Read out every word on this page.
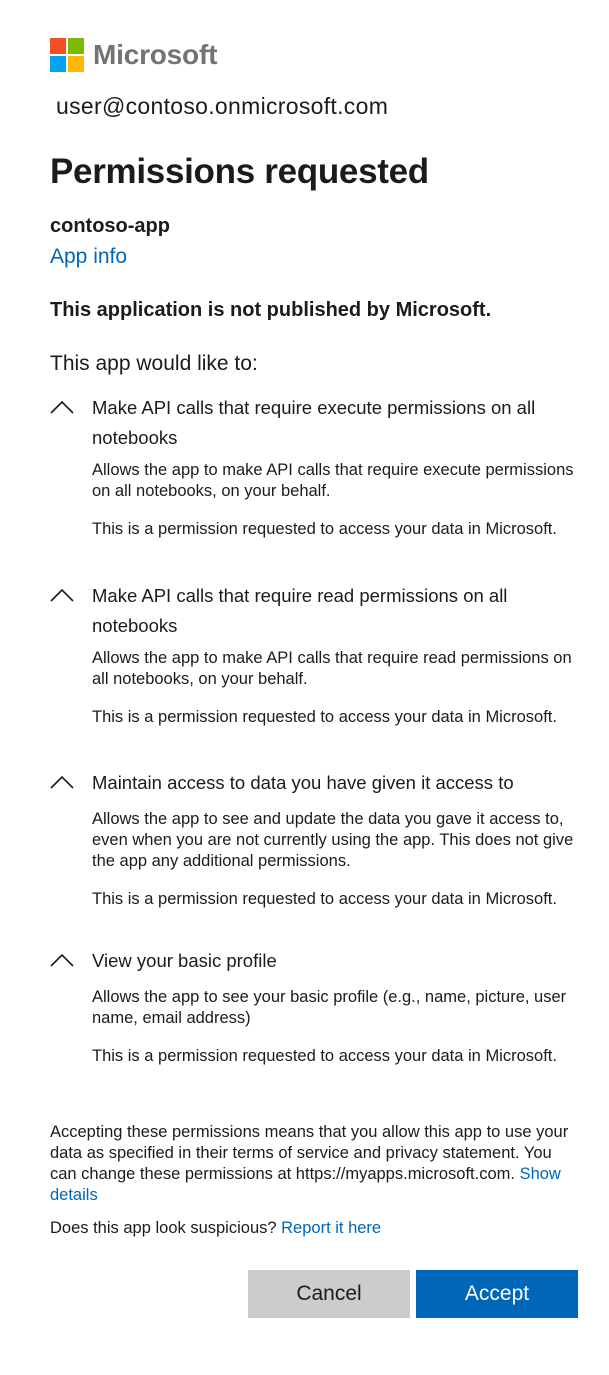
Microsoft
user@contoso.onmicrosoft.com
Permissions requested
contoso-app
App info
This application is not published by Microsoft.
This app would like to:
Make API calls that require execute permissions on all notebooks

Allows the app to make API calls that require execute permissions on all notebooks, on your behalf.

This is a permission requested to access your data in Microsoft.

Make API calls that require read permissions on all notebooks

Allows the app to make API calls that require read permissions on all notebooks, on your behalf.

This is a permission requested to access your data in Microsoft.

Maintain access to data you have given it access to

Allows the app to see and update the data you gave it access to, even when you are not currently using the app. This does not give the app any additional permissions.

This is a permission requested to access your data in Microsoft.

View your basic profile

Allows the app to see your basic profile (e.g., name, picture, user name, email address)

This is a permission requested to access your data in Microsoft.

Accepting these permissions means that you allow this app to use your data as specified in their terms of service and privacy statement. You can change these permissions at https://myapps.microsoft.com. Show details
Does this app look suspicious? Report it here
Cancel	Accept
